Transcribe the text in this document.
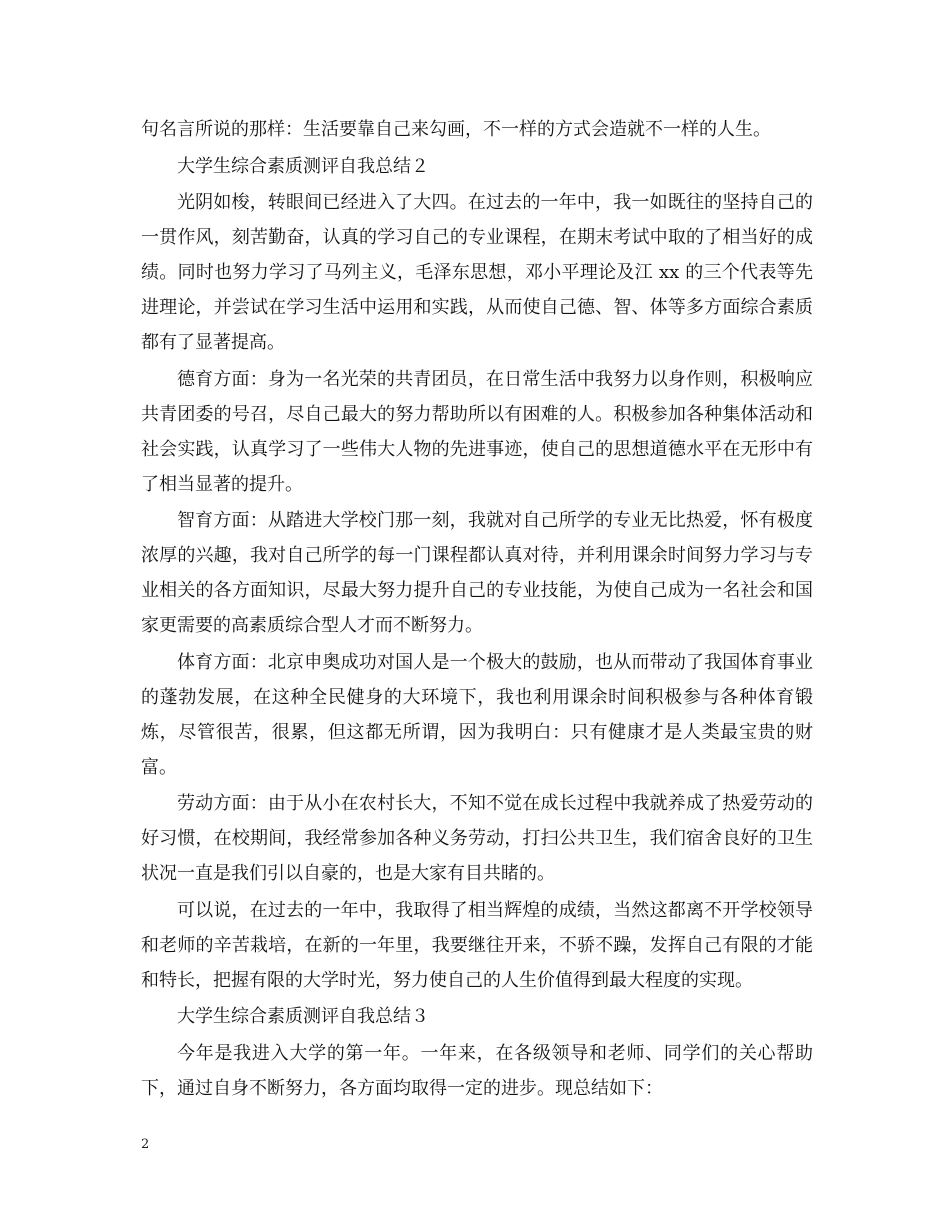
句名言所说的那样：生活要靠自己来勾画，不一样的方式会造就不一样的人生。

大学生综合素质测评自我总结２

光阴如梭，转眼间已经进入了大四。在过去的一年中，我一如既往的坚持自己的一贯作风，刻苦勤奋，认真的学习自己的专业课程，在期末考试中取的了相当好的成绩。同时也努力学习了马列主义，毛泽东思想，邓小平理论及江 xx 的三个代表等先进理论，并尝试在学习生活中运用和实践，从而使自己德、智、体等多方面综合素质都有了显著提高。

德育方面：身为一名光荣的共青团员，在日常生活中我努力以身作则，积极响应共青团委的号召，尽自己最大的努力帮助所以有困难的人。积极参加各种集体活动和社会实践，认真学习了一些伟大人物的先进事迹，使自己的思想道德水平在无形中有了相当显著的提升。

智育方面：从踏进大学校门那一刻，我就对自己所学的专业无比热爱，怀有极度浓厚的兴趣，我对自己所学的每一门课程都认真对待，并利用课余时间努力学习与专业相关的各方面知识，尽最大努力提升自己的专业技能，为使自己成为一名社会和国家更需要的高素质综合型人才而不断努力。

体育方面：北京申奥成功对国人是一个极大的鼓励，也从而带动了我国体育事业的蓬勃发展，在这种全民健身的大环境下，我也利用课余时间积极参与各种体育锻炼，尽管很苦，很累，但这都无所谓，因为我明白：只有健康才是人类最宝贵的财富。

劳动方面：由于从小在农村长大，不知不觉在成长过程中我就养成了热爱劳动的好习惯，在校期间，我经常参加各种义务劳动，打扫公共卫生，我们宿舍良好的卫生状况一直是我们引以自豪的，也是大家有目共睹的。

可以说，在过去的一年中，我取得了相当辉煌的成绩，当然这都离不开学校领导和老师的辛苦栽培，在新的一年里，我要继往开来，不骄不躁，发挥自己有限的才能和特长，把握有限的大学时光，努力使自己的人生价值得到最大程度的实现。

大学生综合素质测评自我总结３

今年是我进入大学的第一年。一年来，在各级领导和老师、同学们的关心帮助下，通过自身不断努力，各方面均取得一定的进步。现总结如下：

2
